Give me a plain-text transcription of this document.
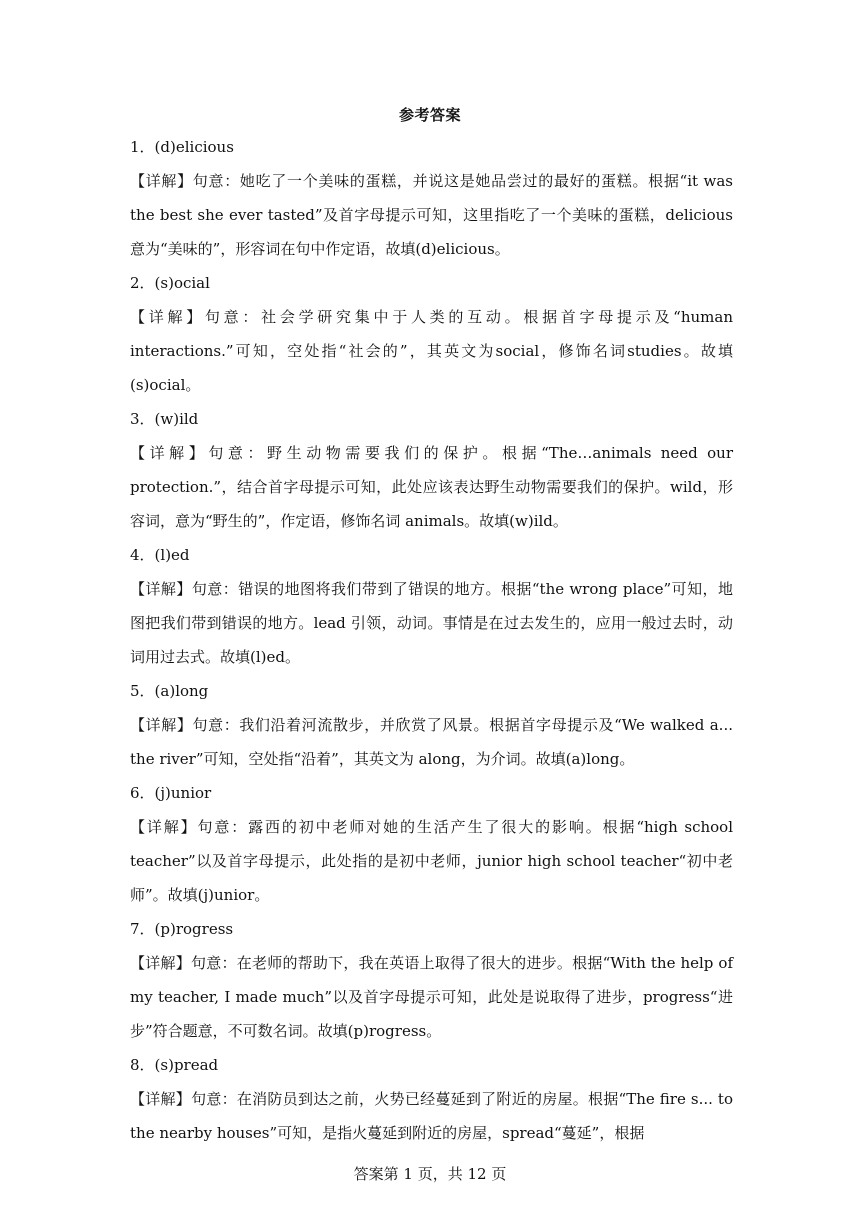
参考答案
1．(d)elicious

【详解】句意：她吃了一个美味的蛋糕，并说这是她品尝过的最好的蛋糕。根据“it was the best she ever tasted”及首字母提示可知，这里指吃了一个美味的蛋糕，delicious 意为“美味的”，形容词在句中作定语，故填(d)elicious。

2．(s)ocial

【详解】句意：社会学研究集中于人类的互动。根据首字母提示及“human interactions.”可知，空处指“社会的”，其英文为social，修饰名词studies。故填(s)ocial。

3．(w)ild

【详解】句意：野生动物需要我们的保护。根据“The…animals need our protection.”，结合首字母提示可知，此处应该表达野生动物需要我们的保护。wild，形容词，意为“野生的”，作定语，修饰名词 animals。故填(w)ild。

4．(l)ed

【详解】句意：错误的地图将我们带到了错误的地方。根据“the wrong place”可知，地图把我们带到错误的地方。lead 引领，动词。事情是在过去发生的，应用一般过去时，动词用过去式。故填(l)ed。

5．(a)long

【详解】句意：我们沿着河流散步，并欣赏了风景。根据首字母提示及“We walked a... the river”可知，空处指“沿着”，其英文为 along，为介词。故填(a)long。

6．(j)unior

【详解】句意：露西的初中老师对她的生活产生了很大的影响。根据“high school teacher”以及首字母提示，此处指的是初中老师，junior high school teacher“初中老师”。故填(j)unior。

7．(p)rogress

【详解】句意：在老师的帮助下，我在英语上取得了很大的进步。根据“With the help of my teacher, I made much”以及首字母提示可知，此处是说取得了进步，progress“进步”符合题意，不可数名词。故填(p)rogress。

8．(s)pread

【详解】句意：在消防员到达之前，火势已经蔓延到了附近的房屋。根据“The fire s... to the nearby houses”可知，是指火蔓延到附近的房屋，spread“蔓延”，根据

答案第 1 页，共 12 页
